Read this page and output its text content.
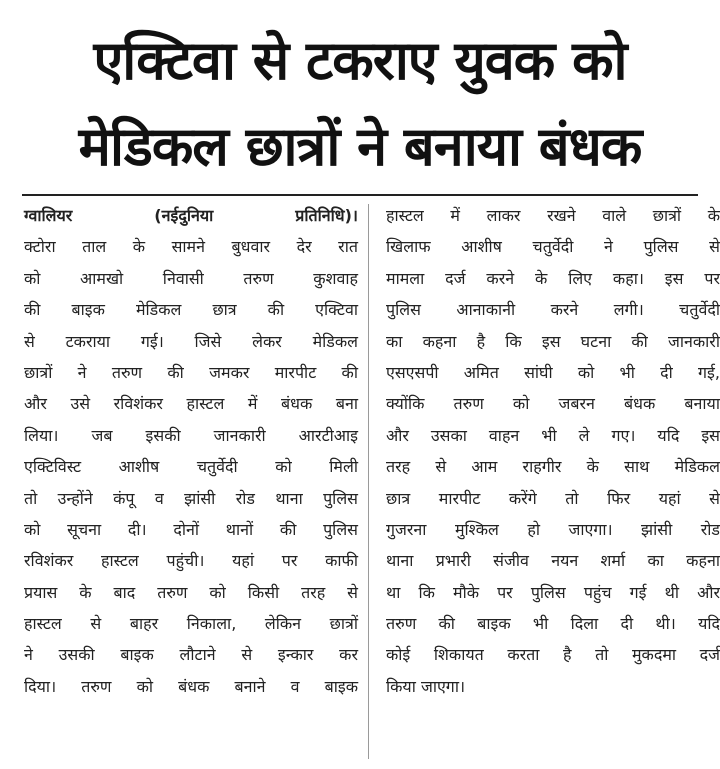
एक्टिवा से टकराए युवक को
मेडिकल छात्रों ने बनाया बंधक
ग्वालियर (नईदुनिया प्रतिनिधि)।
क्टोरा ताल के सामने बुधवार देर रात
को आमखो निवासी तरुण कुशवाह
की बाइक मेडिकल छात्र की एक्टिवा
से टकराया गई। जिसे लेकर मेडिकल
छात्रों ने तरुण की जमकर मारपीट की
और उसे रविशंकर हास्टल में बंधक बना
लिया। जब इसकी जानकारी आरटीआइ
एक्टिविस्ट आशीष चतुर्वेदी को मिली
तो उन्होंने कंपू व झांसी रोड थाना पुलिस
को सूचना दी। दोनों थानों की पुलिस
रविशंकर हास्टल पहुंची। यहां पर काफी
प्रयास के बाद तरुण को किसी तरह से
हास्टल से बाहर निकाला, लेकिन छात्रों
ने उसकी बाइक लौटाने से इन्कार कर
दिया। तरुण को बंधक बनाने व बाइक
हास्टल में लाकर रखने वाले छात्रों के
खिलाफ आशीष चतुर्वेदी ने पुलिस से
मामला दर्ज करने के लिए कहा। इस पर
पुलिस आनाकानी करने लगी। चतुर्वेदी
का कहना है कि इस घटना की जानकारी
एसएसपी अमित सांघी को भी दी गई,
क्योंकि तरुण को जबरन बंधक बनाया
और उसका वाहन भी ले गए। यदि इस
तरह से आम राहगीर के साथ मेडिकल
छात्र मारपीट करेंगे तो फिर यहां से
गुजरना मुश्किल हो जाएगा। झांसी रोड
थाना प्रभारी संजीव नयन शर्मा का कहना
था कि मौके पर पुलिस पहुंच गई थी और
तरुण की बाइक भी दिला दी थी। यदि
कोई शिकायत करता है तो मुकदमा दर्ज
किया जाएगा।
